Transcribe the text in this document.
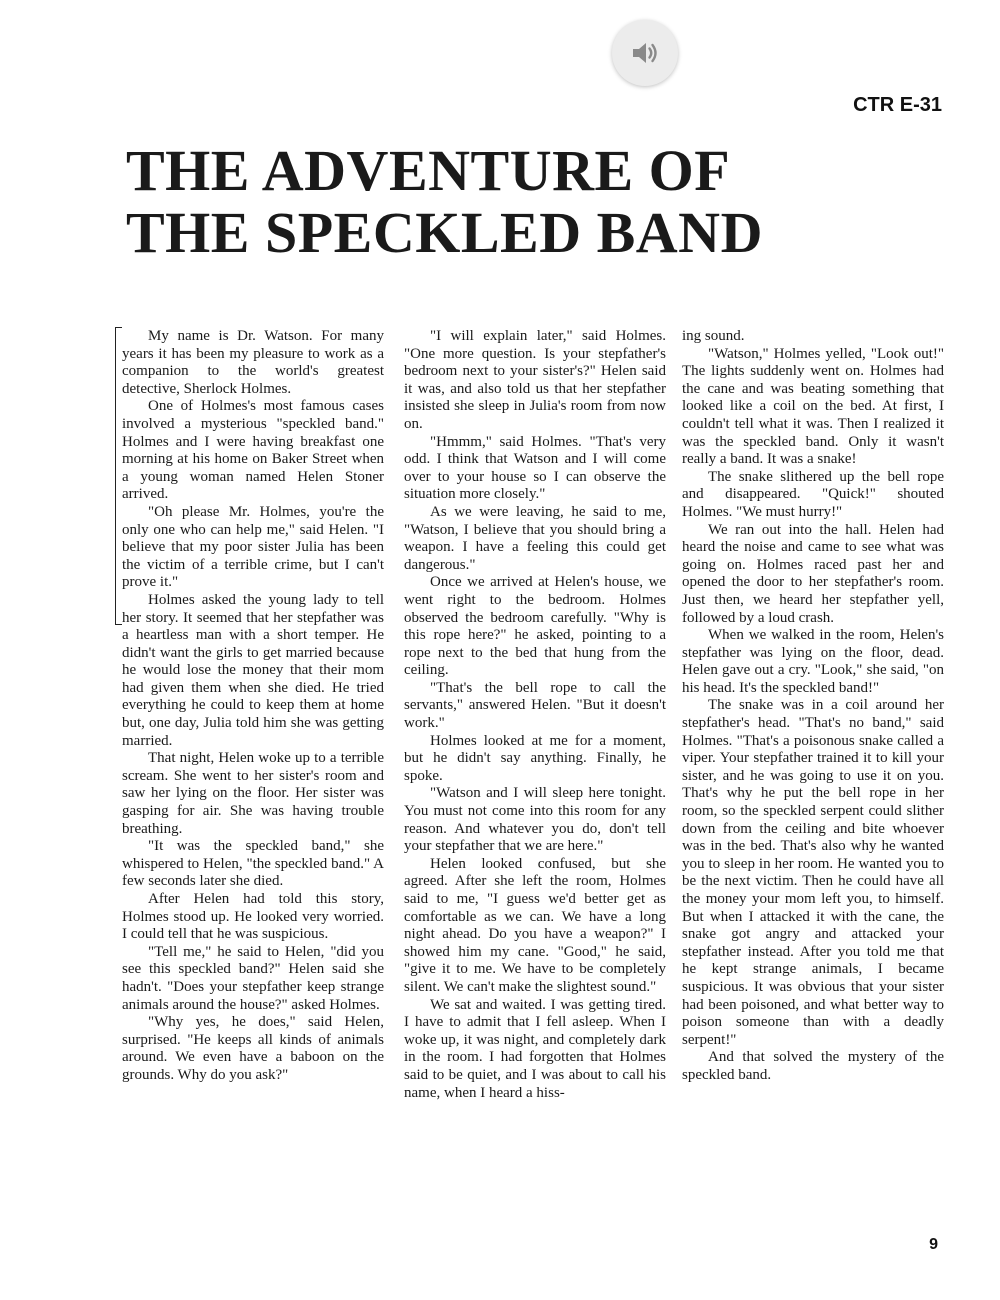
CTR E-31
THE ADVENTURE OF
THE SPECKLED BAND

My name is Dr. Watson. For many years it has been my pleasure to work as a companion to the world's greatest detective, Sherlock Holmes.

One of Holmes's most famous cases involved a mysterious "speckled band." Holmes and I were having breakfast one morning at his home on Baker Street when a young woman named Helen Stoner arrived.

"Oh please Mr. Holmes, you're the only one who can help me," said Helen. "I believe that my poor sister Julia has been the victim of a terrible crime, but I can't prove it."

Holmes asked the young lady to tell her story. It seemed that her stepfather was a heartless man with a short temper. He didn't want the girls to get married because he would lose the money that their mom had given them when she died. He tried everything he could to keep them at home but, one day, Julia told him she was getting married.

That night, Helen woke up to a terrible scream. She went to her sister's room and saw her lying on the floor. Her sister was gasping for air. She was having trouble breathing.

"It was the speckled band," she whispered to Helen, "the speckled band." A few seconds later she died.

After Helen had told this story, Holmes stood up. He looked very worried. I could tell that he was suspicious.

"Tell me," he said to Helen, "did you see this speckled band?" Helen said she hadn't. "Does your stepfather keep strange animals around the house?" asked Holmes.

"Why yes, he does," said Helen, surprised. "He keeps all kinds of animals around. We even have a baboon on the grounds. Why do you ask?"

"I will explain later," said Holmes. "One more question. Is your stepfather's bedroom next to your sister's?" Helen said it was, and also told us that her stepfather insisted she sleep in Julia's room from now on.

"Hmmm," said Holmes. "That's very odd. I think that Watson and I will come over to your house so I can observe the situation more closely."

As we were leaving, he said to me, "Watson, I believe that you should bring a weapon. I have a feeling this could get dangerous."

Once we arrived at Helen's house, we went right to the bedroom. Holmes observed the bedroom carefully. "Why is this rope here?" he asked, pointing to a rope next to the bed that hung from the ceiling.

"That's the bell rope to call the servants," answered Helen. "But it doesn't work."

Holmes looked at me for a moment, but he didn't say anything. Finally, he spoke.

"Watson and I will sleep here tonight. You must not come into this room for any reason. And whatever you do, don't tell your stepfather that we are here."

Helen looked confused, but she agreed. After she left the room, Holmes said to me, "I guess we'd better get as comfortable as we can. We have a long night ahead. Do you have a weapon?" I showed him my cane. "Good," he said, "give it to me. We have to be completely silent. We can't make the slightest sound."

We sat and waited. I was getting tired. I have to admit that I fell asleep. When I woke up, it was night, and completely dark in the room. I had forgotten that Holmes said to be quiet, and I was about to call his name, when I heard a hiss-

ing sound.

"Watson," Holmes yelled, "Look out!" The lights suddenly went on. Holmes had the cane and was beating something that looked like a coil on the bed. At first, I couldn't tell what it was. Then I realized it was the speckled band. Only it wasn't really a band. It was a snake!

The snake slithered up the bell rope and disappeared. "Quick!" shouted Holmes. "We must hurry!"

We ran out into the hall. Helen had heard the noise and came to see what was going on. Holmes raced past her and opened the door to her stepfather's room. Just then, we heard her stepfather yell, followed by a loud crash.

When we walked in the room, Helen's stepfather was lying on the floor, dead. Helen gave out a cry. "Look," she said, "on his head. It's the speckled band!"

The snake was in a coil around her stepfather's head. "That's no band," said Holmes. "That's a poisonous snake called a viper. Your stepfather trained it to kill your sister, and he was going to use it on you. That's why he put the bell rope in her room, so the speckled serpent could slither down from the ceiling and bite whoever was in the bed. That's also why he wanted you to sleep in her room. He wanted you to be the next victim. Then he could have all the money your mom left you, to himself. But when I attacked it with the cane, the snake got angry and attacked your stepfather instead. After you told me that he kept strange animals, I became suspicious. It was obvious that your sister had been poisoned, and what better way to poison someone than with a deadly serpent!"

And that solved the mystery of the speckled band.

9
